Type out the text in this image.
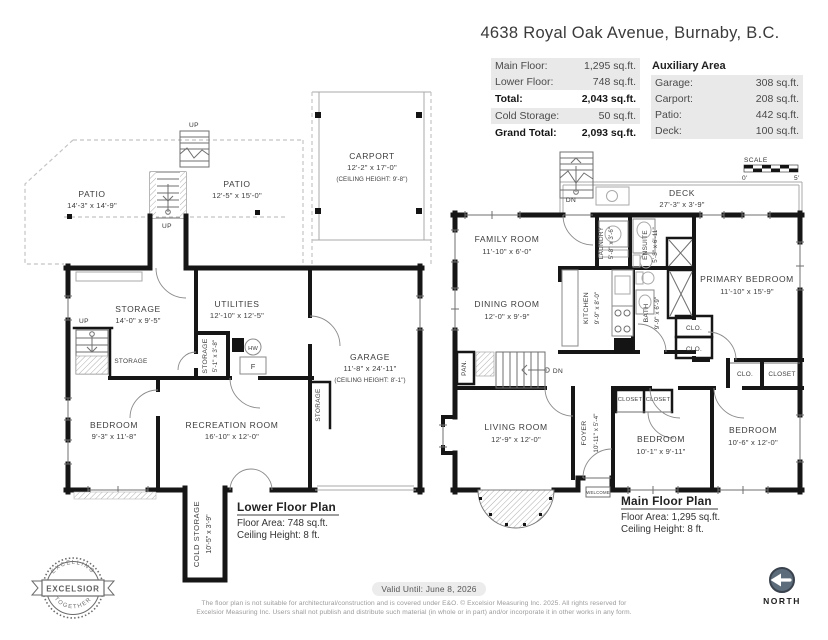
4638 Royal Oak Avenue, Burnaby, B.C.
Main Floor:	1,295 sq.ft.
Lower Floor:	748 sq.ft.
Total:	2,043 sq.ft.
Cold Storage:	50 sq.ft.
Grand Total: 2,093 sq.ft.
Auxiliary Area
Garage:	308 sq.ft.
Carport:	208 sq.ft.
Patio:	442 sq.ft.
Deck:	100 sq.ft.
PATIO
14'-3" x 14'-9"
PATIO
12'-5" x 15'-0"
CARPORT
12'-2" x 17'-0"
(CEILING HEIGHT: 9'-8")
STORAGE
14'-0" x 9'-5"
UTILITIES
12'-10" x 12'-5"
STORAGE 5'-1" x 3'-8"	HW
F
GARAGE
11'-8" x 24'-11"
(CEILING HEIGHT: 8'-1")
STORAGE
STORAGE
RECREATION ROOM
16'-10" x 12'-0"
BEDROOM
9'-3" x 11'-8"
COLD STORAGE 10'-5" x 3'-9"
UP
UP
UP
Lower Floor Plan
Floor Area: 748 sq.ft.
Ceiling Height: 8 ft.
DECK
27'-3" x 3'-9"
FAMILY ROOM
11'-10" x 6'-0"
DINING ROOM
12'-0" x 9'-9"	KITCHEN 9'-9" x 8'-0"
LAUNDRY 5'-8" x 3'-6"	ENSUITE 5'-8" x 6'-11"
PRIMARY BEDROOM
11'-10" x 15'-9"
BATH 9'-9" x 6'-9"	CLO.
CLO.
CLO. CLOSET
CLOSET CLOSET
LIVING ROOM
12'-9" x 12'-0"	FOYER 10'-11" x 5'-4"	BEDROOM
10'-1" x 9'-11"
BEDROOM
10'-6" x 12'-0"
PAN.	DN
DN
WELCOME
Main Floor Plan
Floor Area: 1,295 sq.ft.
Ceiling Height: 8 ft.
SCALE
0'	5'
EXCELLING
TOGETHER
EXCELSIOR
NORTH
Valid Until: June 8, 2026
The floor plan is not suitable for architectural/construction and is covered under E&O. © Excelsior Measuring Inc. 2025. All rights reserved for
Excelsior Measuring Inc. Users shall not publish and distribute such material (in whole or in part) and/or incorporate it in other works in any form.
